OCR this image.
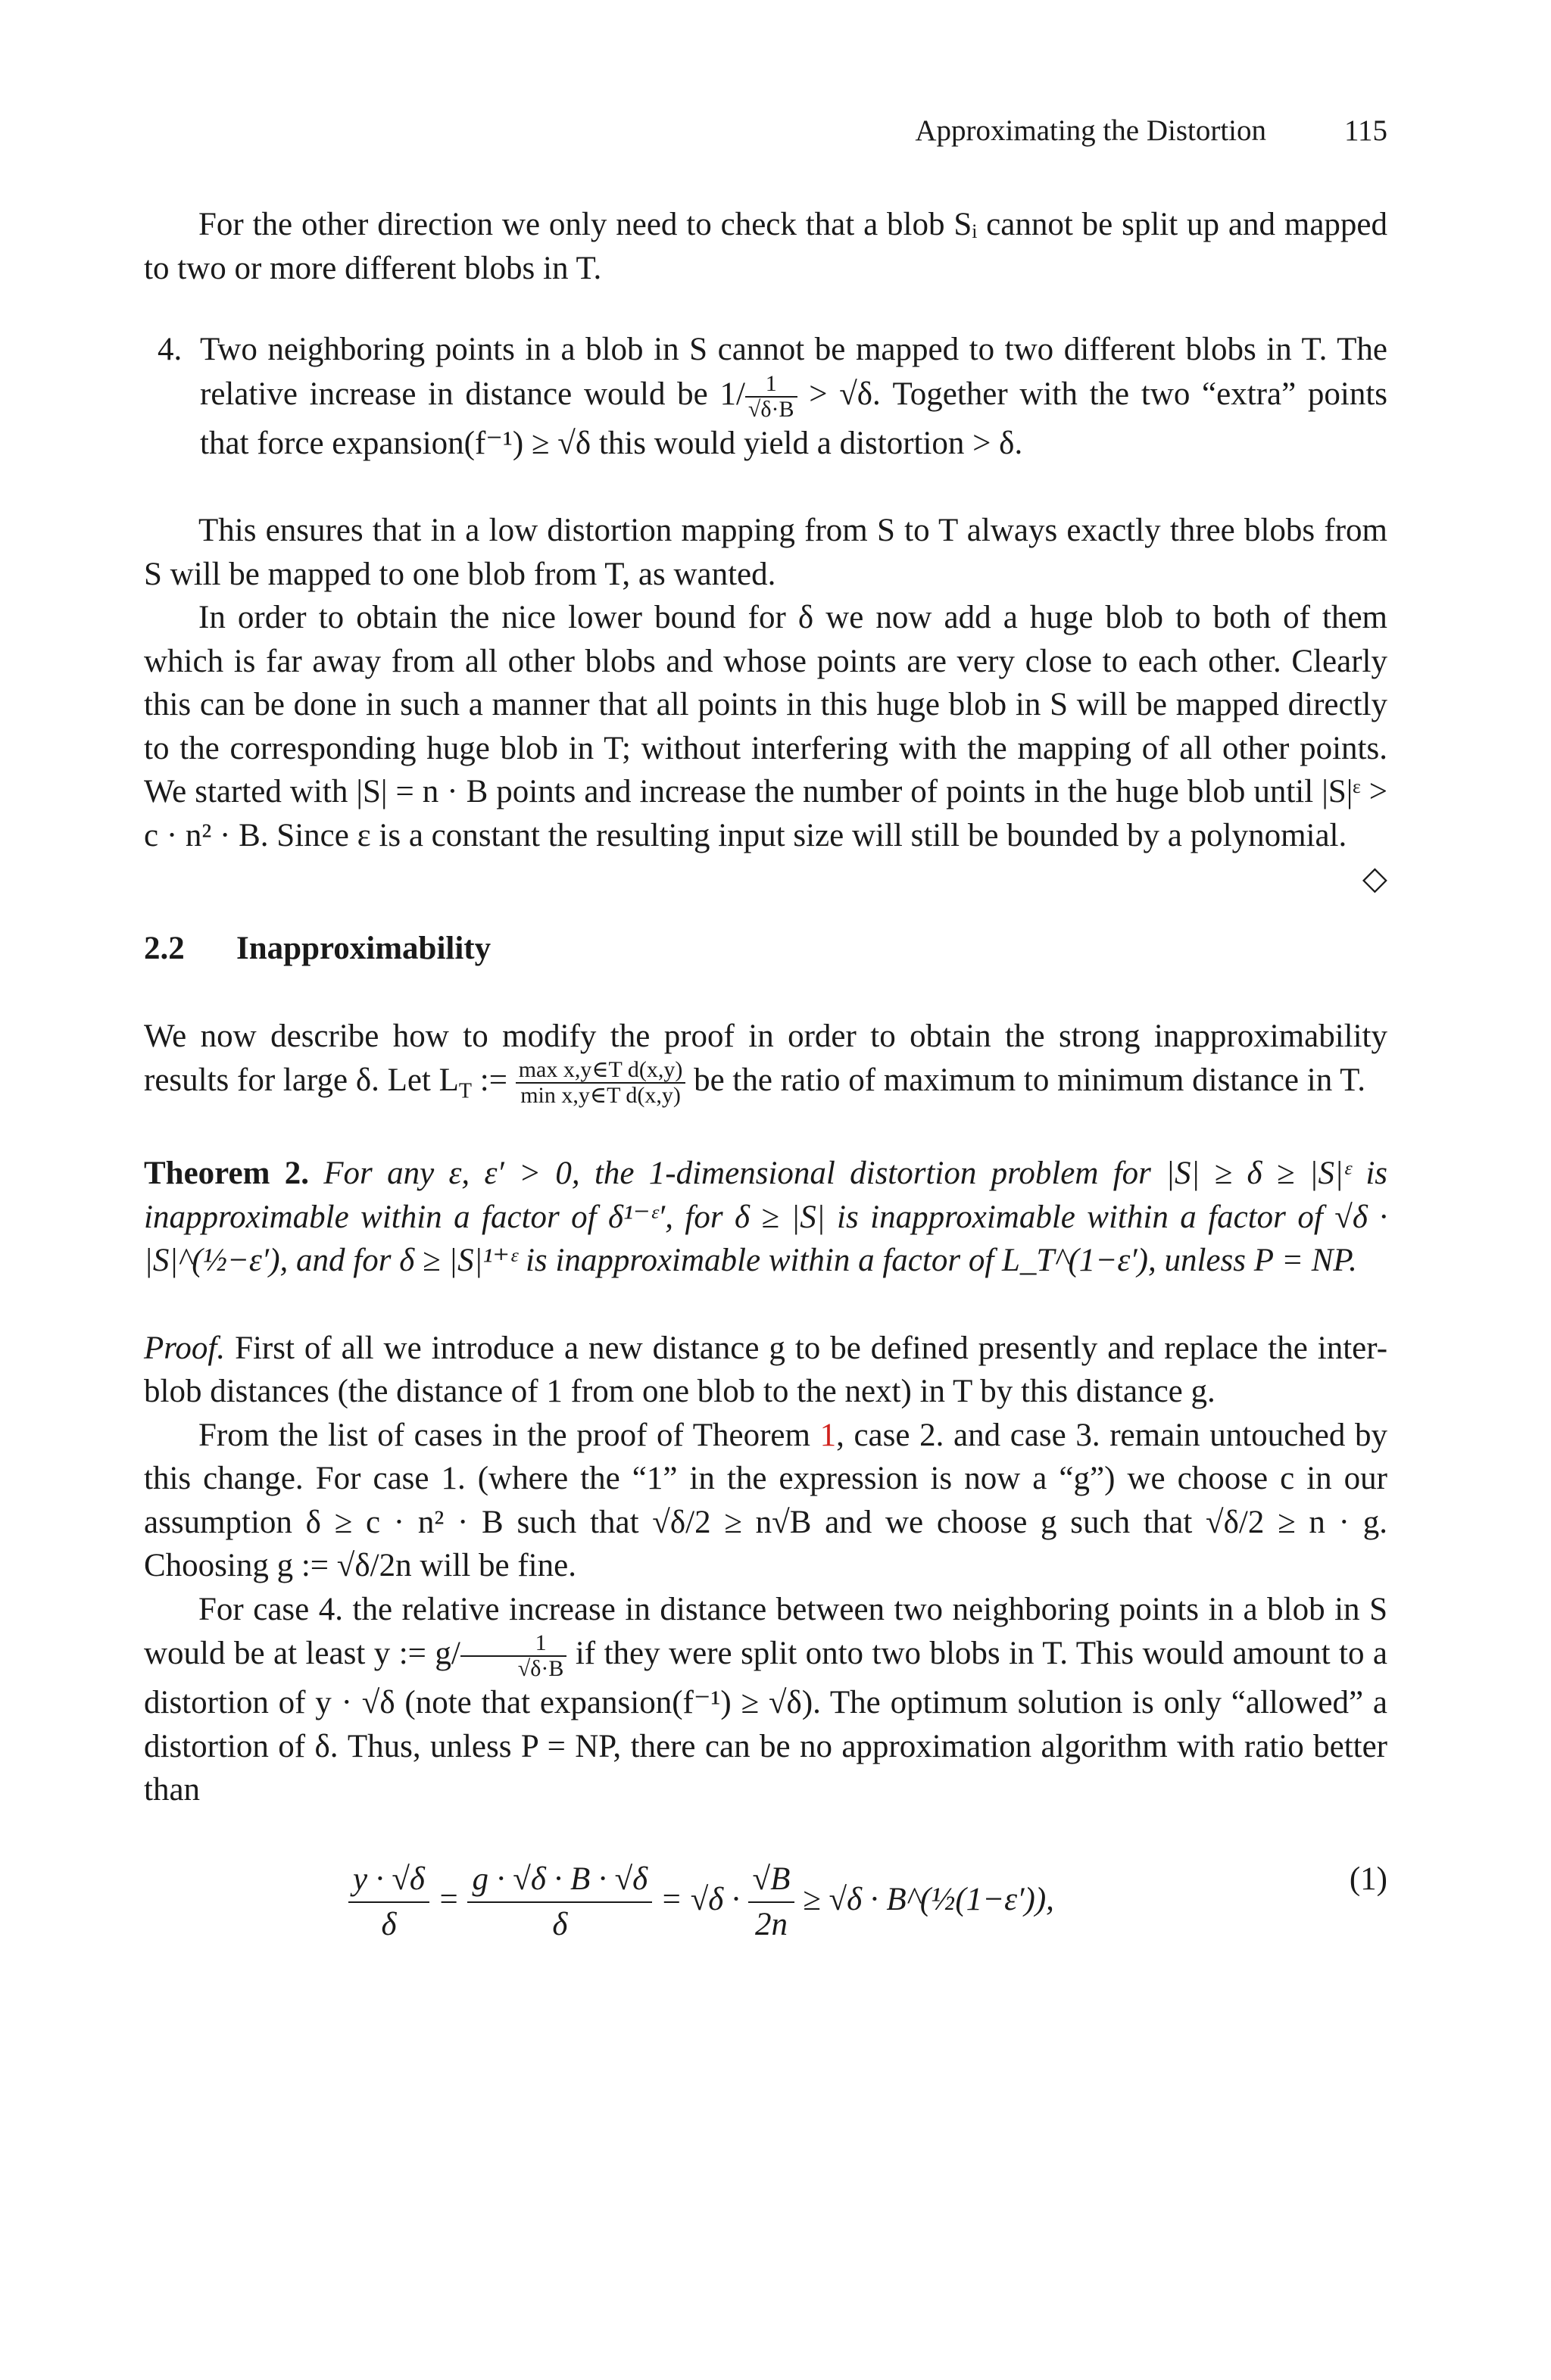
Approximating the Distortion	115

For the other direction we only need to check that a blob Sᵢ cannot be split up and mapped to two or more different blobs in T.

4. Two neighboring points in a blob in S cannot be mapped to two different blobs in T. The relative increase in distance would be $1/ \frac{1}{√\delta\cdot B} > √\delta$. Together with the two “extra” points that force expansion(f⁻¹) ≥ √δ this would yield a distortion > δ.

This ensures that in a low distortion mapping from S to T always exactly three blobs from S will be mapped to one blob from T, as wanted.

In order to obtain the nice lower bound for δ we now add a huge blob to both of them which is far away from all other blobs and whose points are very close to each other. Clearly this can be done in such a manner that all points in this huge blob in S will be mapped directly to the corresponding huge blob in T; without interfering with the mapping of all other points. We started with |S| = n · B points and increase the number of points in the huge blob until |S|ᵋ > c · n² · B. Since ε is a constant the resulting input size will still be bounded by a polynomial.
◇

2.2	Inapproximability

We now describe how to modify the proof in order to obtain the strong inapproximability results for large δ. Let $L_T$ := $\frac{\text{max x,y∈T d(x,y)}}{\text{min x,y∈T d(x,y)}}$ be the ratio of maximum to minimum distance in T.

Theorem 2. For any ε, ε′ > 0, the 1-dimensional distortion problem for |S| ≥ δ ≥ |S|ᵋ is inapproximable within a factor of δ¹⁻ᵋ′, for δ ≥ |S| is inapproximable within a factor of √δ · |S|^(½−ε′), and for δ ≥ |S|¹⁺ᵋ is inapproximable within a factor of L_T^(1−ε′), unless P = NP.

Proof. First of all we introduce a new distance g to be defined presently and replace the inter-blob distances (the distance of 1 from one blob to the next) in T by this distance g.

From the list of cases in the proof of Theorem 1, case 2. and case 3. remain untouched by this change. For case 1. (where the “1” in the expression is now a “g”) we choose c in our assumption δ ≥ c · n² · B such that √δ/2 ≥ n√B and we choose g such that √δ/2 ≥ n · g. Choosing g := √δ/2n will be fine.

For case 4. the relative increase in distance between two neighboring points in a blob in S would be at least y := $g/ \frac{1}{√\delta\cdot B}$ if they were split onto two blobs in T. This would amount to a distortion of y · √δ (note that expansion(f⁻¹) ≥ √δ). The optimum solution is only “allowed” a distortion of δ. Thus, unless P = NP, there can be no approximation algorithm with ratio better than

$\frac{y \cdot √\delta}{\delta} = \frac{g \cdot √\delta \cdot B \cdot √\delta}{\delta} = √\delta \cdot \frac{√B}{2n} \ge √\delta$ · B^(½(1−ε′)),
(1)
